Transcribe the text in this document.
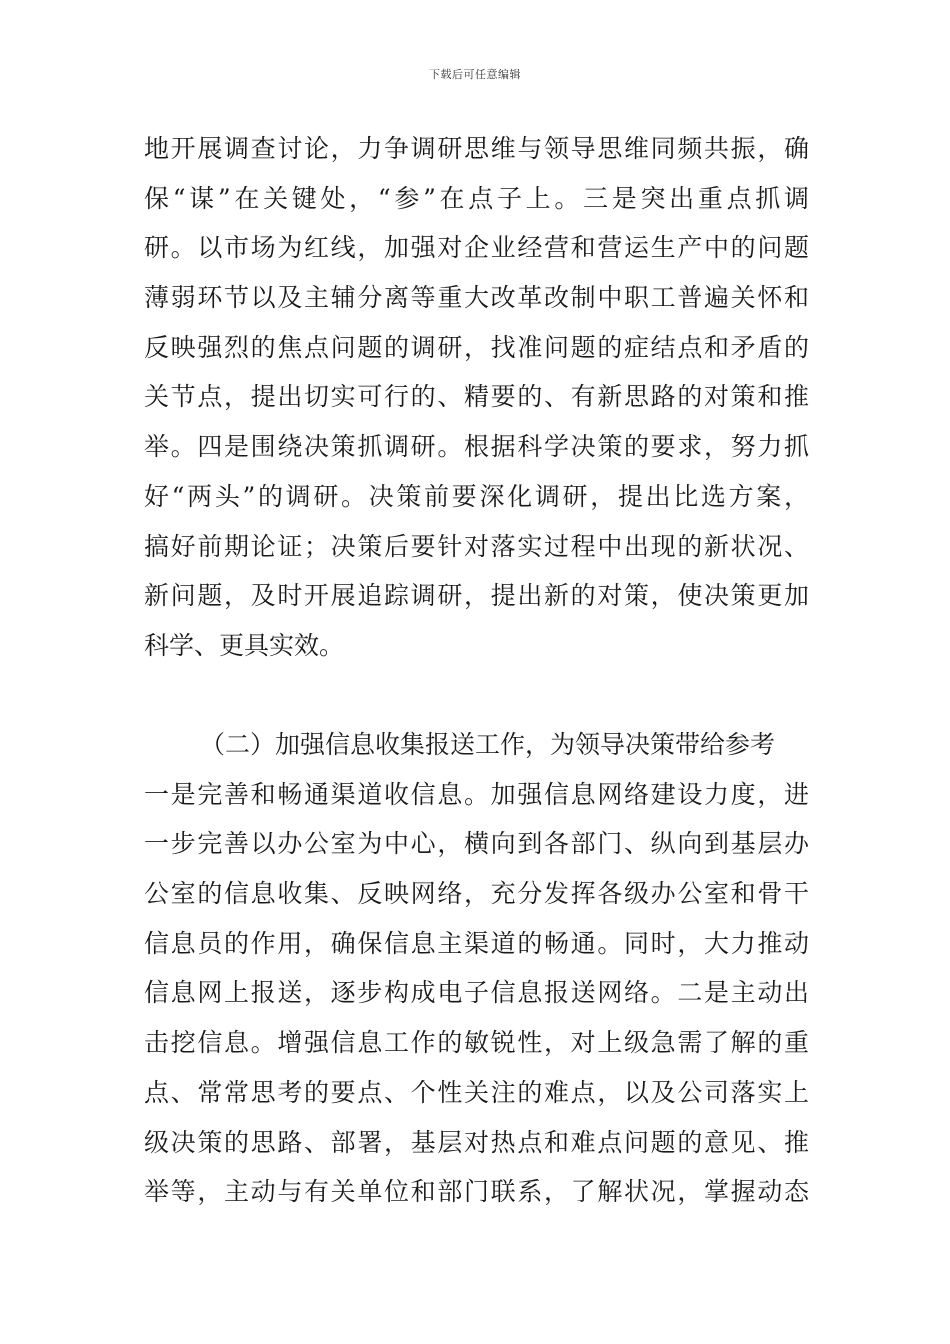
下载后可任意编辑
地开展调查讨论，力争调研思维与领导思维同频共振，确
保“谋”在关键处，“参”在点子上。三是突出重点抓调
研。以市场为红线，加强对企业经营和营运生产中的问题
薄弱环节以及主辅分离等重大改革改制中职工普遍关怀和
反映强烈的焦点问题的调研，找准问题的症结点和矛盾的
关节点，提出切实可行的、精要的、有新思路的对策和推
举。四是围绕决策抓调研。根据科学决策的要求，努力抓
好“两头”的调研。决策前要深化调研，提出比选方案，
搞好前期论证；决策后要针对落实过程中出现的新状况、
新问题，及时开展追踪调研，提出新的对策，使决策更加
科学、更具实效。
（二）加强信息收集报送工作，为领导决策带给参考
一是完善和畅通渠道收信息。加强信息网络建设力度，进
一步完善以办公室为中心，横向到各部门、纵向到基层办
公室的信息收集、反映网络，充分发挥各级办公室和骨干
信息员的作用，确保信息主渠道的畅通。同时，大力推动
信息网上报送，逐步构成电子信息报送网络。二是主动出
击挖信息。增强信息工作的敏锐性，对上级急需了解的重
点、常常思考的要点、个性关注的难点，以及公司落实上
级决策的思路、部署，基层对热点和难点问题的意见、推
举等，主动与有关单位和部门联系，了解状况，掌握动态
